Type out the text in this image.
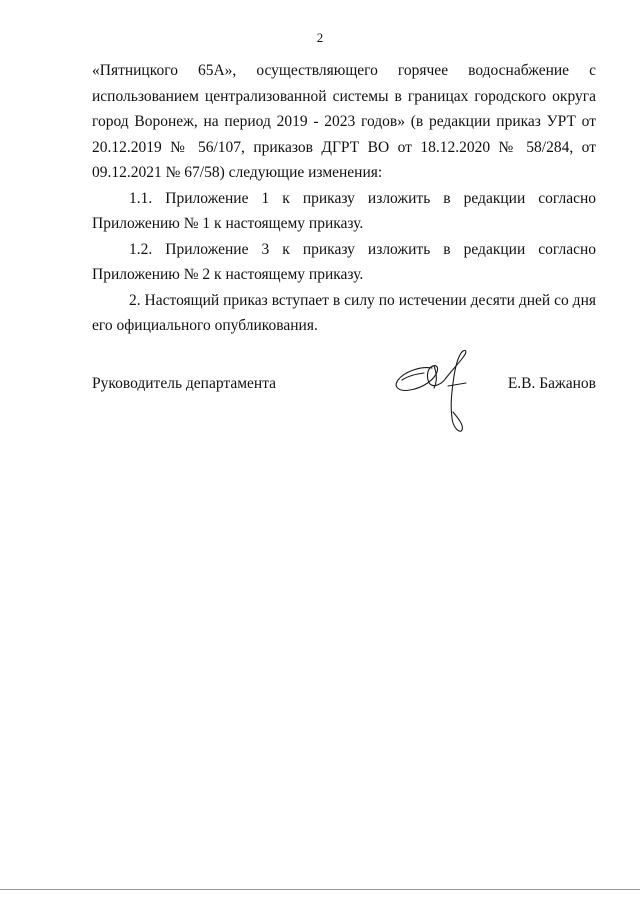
2

«Пятницкого 65А», осуществляющего горячее водоснабжение с использованием централизованной системы в границах городского округа город Воронеж, на период 2019 - 2023 годов» (в редакции приказ УРТ от 20.12.2019 № 56/107, приказов ДГРТ ВО от 18.12.2020 № 58/284, от 09.12.2021 № 67/58) следующие изменения:

1.1. Приложение 1 к приказу изложить в редакции согласно Приложению № 1 к настоящему приказу.

1.2. Приложение 3 к приказу изложить в редакции согласно Приложению № 2 к настоящему приказу.

2. Настоящий приказ вступает в силу по истечении десяти дней со дня его официального опубликования.

Руководитель департамента	Е.В. Бажанов
